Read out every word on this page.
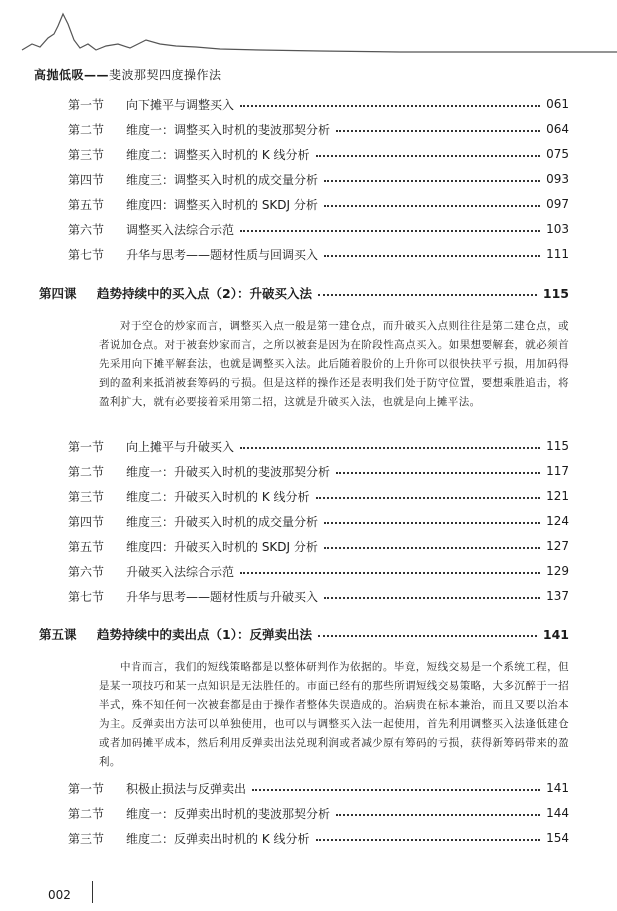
高抛低吸——斐波那契四度操作法
第一节	向下摊平与调整买入	061
第二节	维度一：调整买入时机的斐波那契分析	064
第三节	维度二：调整买入时机的 K 线分析	075
第四节	维度三：调整买入时机的成交量分析	093
第五节	维度四：调整买入时机的 SKDJ 分析	097
第六节	调整买入法综合示范	103
第七节	升华与思考——题材性质与回调买入	111
第四课	趋势持续中的买入点（2）：升破买入法	115
对于空仓的炒家而言，调整买入点一般是第一建仓点，而升破买入点则往往是第二建仓点，或者说加仓点。对于被套炒家而言，之所以被套是因为在阶段性高点买入。如果想要解套，就必须首先采用向下摊平解套法，也就是调整买入法。此后随着股价的上升你可以很快扶平亏损，用加码得到的盈利来抵消被套筹码的亏损。但是这样的操作还是表明我们处于防守位置，要想乘胜追击，将盈利扩大，就有必要接着采用第二招，这就是升破买入法，也就是向上摊平法。
第一节	向上摊平与升破买入	115
第二节	维度一：升破买入时机的斐波那契分析	117
第三节	维度二：升破买入时机的 K 线分析	121
第四节	维度三：升破买入时机的成交量分析	124
第五节	维度四：升破买入时机的 SKDJ 分析	127
第六节	升破买入法综合示范	129
第七节	升华与思考——题材性质与升破买入	137
第五课	趋势持续中的卖出点（1）：反弹卖出法	141
中肯而言，我们的短线策略都是以整体研判作为依据的。毕竟，短线交易是一个系统工程，但是某一项技巧和某一点知识是无法胜任的。市面已经有的那些所谓短线交易策略，大多沉醉于一招半式，殊不知任何一次被套都是由于操作者整体失误造成的。治病贵在标本兼治，而且又要以治本为主。反弹卖出方法可以单独使用，也可以与调整买入法一起使用，首先利用调整买入法逢低建仓或者加码摊平成本，然后利用反弹卖出法兑现利润或者减少原有筹码的亏损，获得新筹码带来的盈利。
第一节	积极止损法与反弹卖出	141
第二节	维度一：反弹卖出时机的斐波那契分析	144
第三节	维度二：反弹卖出时机的 K 线分析	154
002
